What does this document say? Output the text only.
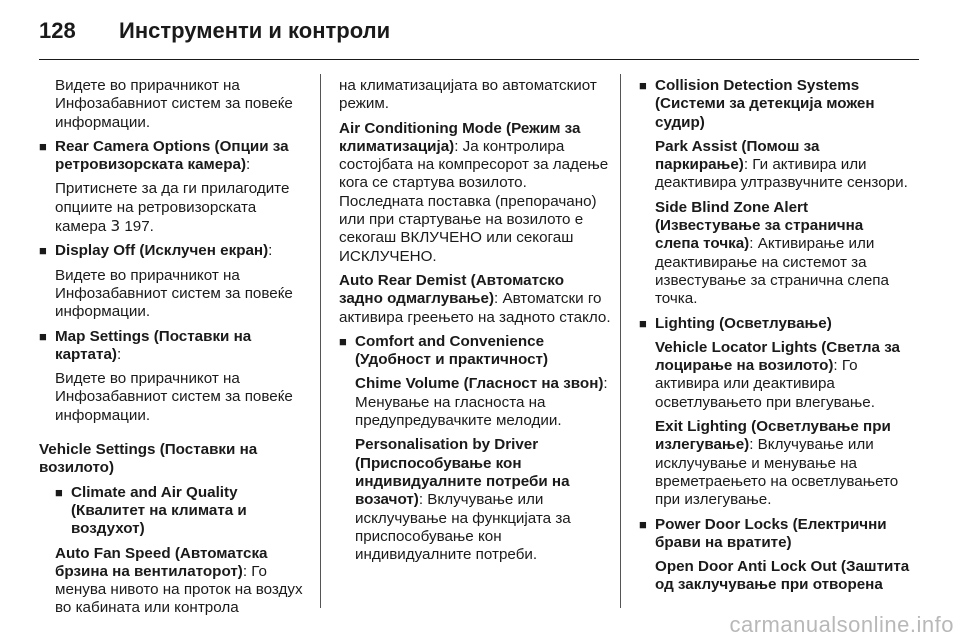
128 Инструменти и контроли

Видете во прирачникот на Инфозабавниот систем за повеќе информации.

■ Rear Camera Options (Опции за ретровизорската камера):

Притиснете за да ги прилагодите опциите на ретровизорската камера 3 197.

■ Display Off (Исклучен екран):

Видете во прирачникот на Инфозабавниот систем за повеќе информации.

■ Map Settings (Поставки на картата):

Видете во прирачникот на Инфозабавниот систем за повеќе информации.

Vehicle Settings (Поставки на возилото)

■ Climate and Air Quality (Квалитет на климата и воздухот)

Auto Fan Speed (Автоматска брзина на вентилаторот): Го менува нивото на проток на воздух во кабината или контрола

на климатизацијата во автоматскиот режим.

Air Conditioning Mode (Режим за климатизација): Ја контролира состојбата на компресорот за ладење кога се стартува возилото. Последната поставка (препорачано) или при стартување на возилото е секогаш ВКЛУЧЕНО или секогаш ИСКЛУЧЕНО.

Auto Rear Demist (Автоматско задно одмаглување): Автоматски го активира греењето на задното стакло.

■ Comfort and Convenience (Удобност и практичност)

Chime Volume (Гласност на звон): Менување на гласноста на предупредувачките мелодии.

Personalisation by Driver (Приспособување кон индивидуалните потреби на возачот): Вклучување или исклучување на функцијата за приспособување кон индивидуалните потреби.

■ Collision Detection Systems (Системи за детекција можен судир)

Park Assist (Помош за паркирање): Ги активира или деактивира ултразвучните сензори.

Side Blind Zone Alert (Известување за странична слепа точка): Активирање или деактивирање на системот за известување за странична слепа точка.

■ Lighting (Осветлување)

Vehicle Locator Lights (Светла за лоцирање на возилото): Го активира или деактивира осветлувањето при влегување.

Exit Lighting (Осветлување при излегување): Вклучување или исклучување и менување на времетраењето на осветлувањето при излегување.

■ Power Door Locks (Електрични брави на вратите)

Open Door Anti Lock Out (Заштита од заклучување при отворена

carmanualsonline.info
